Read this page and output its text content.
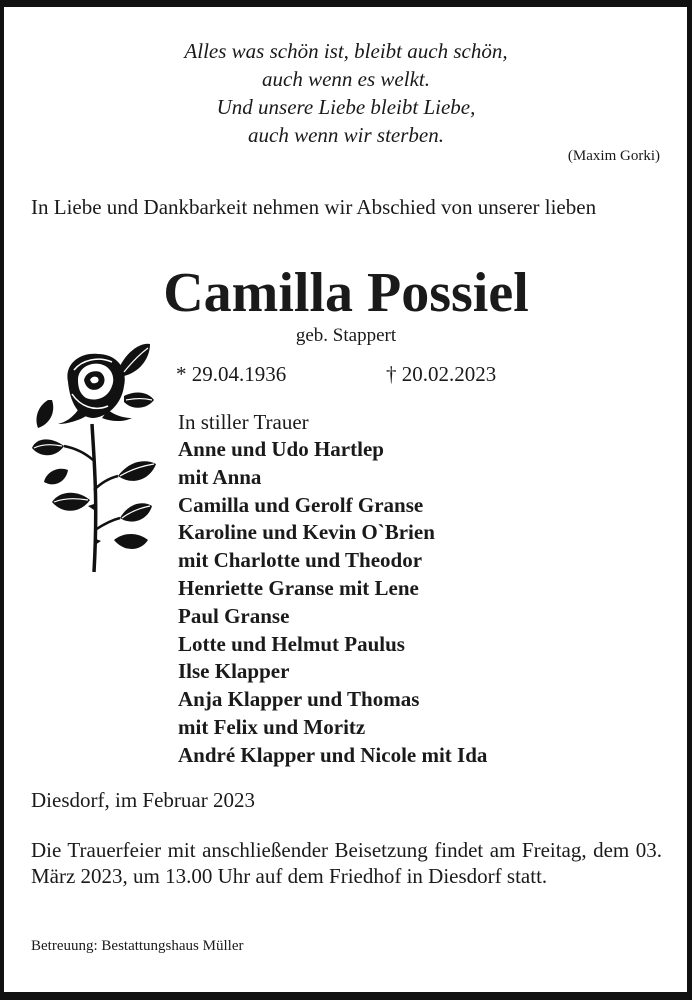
Alles was schön ist, bleibt auch schön,
auch wenn es welkt.
Und unsere Liebe bleibt Liebe,
auch wenn wir sterben.
(Maxim Gorki)
In Liebe und Dankbarkeit nehmen wir Abschied von unserer lieben
Camilla Possiel
geb. Stappert
* 29.04.1936	† 20.02.2023
In stiller Trauer
Anne und Udo Hartlep
mit Anna
Camilla und Gerolf Granse
Karoline und Kevin O`Brien
mit Charlotte und Theodor
Henriette Granse mit Lene
Paul Granse
Lotte und Helmut Paulus
Ilse Klapper
Anja Klapper und Thomas
mit Felix und Moritz
André Klapper und Nicole mit Ida
Diesdorf, im Februar 2023
Die Trauerfeier mit anschließender Beisetzung findet am Freitag, dem 03. März 2023, um 13.00 Uhr auf dem Friedhof in Diesdorf statt.
Betreuung: Bestattungshaus Müller
